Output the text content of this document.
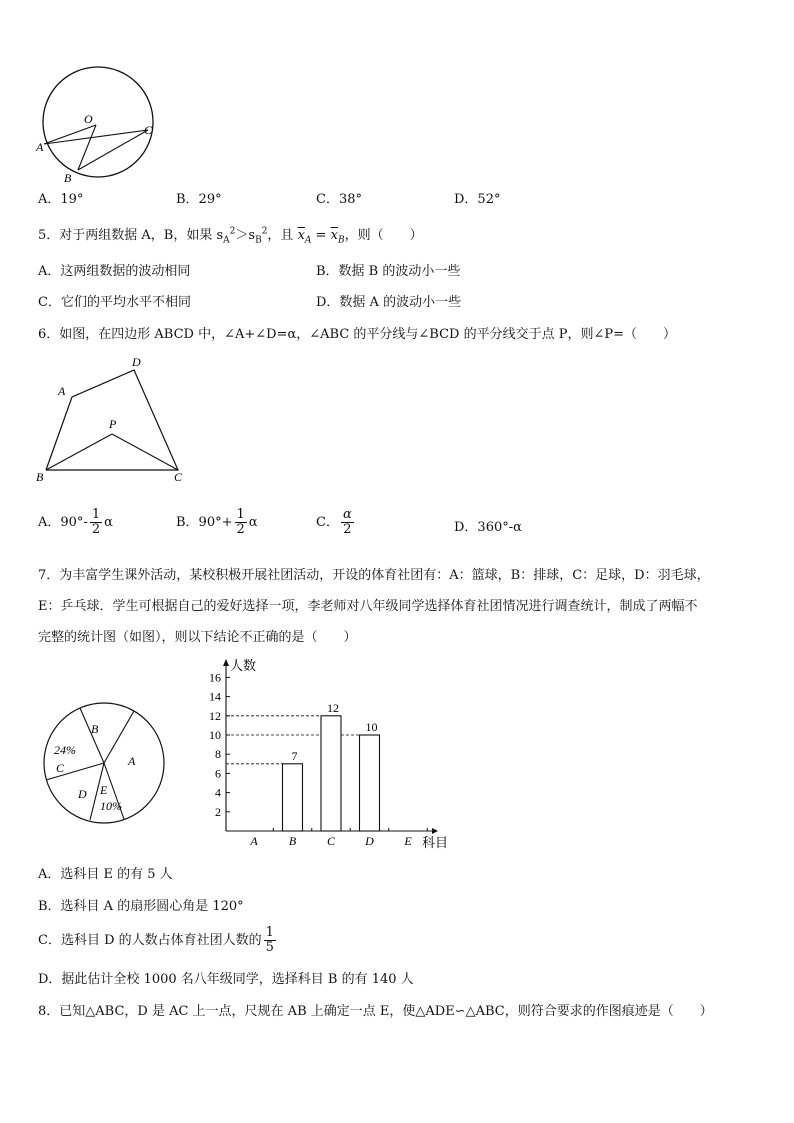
O
A
B
C
A．19°	B．29°	C．38°	D．52°
5．对于两组数据 A，B，如果 $s_A^2>s_B^2$，且 $\overline{x}_A = \overline{x}_B$，则（　　）
A．这两组数据的波动相同	B．数据 B 的波动小一些
C．它们的平均水平不相同	D．数据 A 的波动小一些
6．如图，在四边形 ABCD 中，∠A+∠D=α，∠ABC 的平分线与∠BCD 的平分线交于点 P，则∠P=（　　）
A
B	C
D
P
A．$90^\circ- \frac{1}{2}$ α	B．$90^\circ+ \frac{1}{2}$ α	C． $\frac{\alpha}{2}$	D．360°-α
7．为丰富学生课外活动，某校积极开展社团活动，开设的体育社团有：A：篮球，B：排球，C：足球，D：羽毛球，
E：乒乓球．学生可根据自己的爱好选择一项，李老师对八年级同学选择体育社团情况进行调查统计，制成了两幅不
完整的统计图（如图），则以下结论不正确的是（　　）
B
A
24%
C
D E
10%
人数
科目
2
4
6
8
10
12
14
16
A	B
7
C
12
D
10
E
A．选科目 E 的有 5 人
B．选科目 A 的扇形圆心角是 120°
C．选科目 D 的人数占体育社团人数的 $\frac{1}{5}$
D．据此估计全校 1000 名八年级同学，选择科目 B 的有 140 人
8．已知△ABC，D 是 AC 上一点，尺规在 AB 上确定一点 E，使△ADE∽△ABC，则符合要求的作图痕迹是（　　）
